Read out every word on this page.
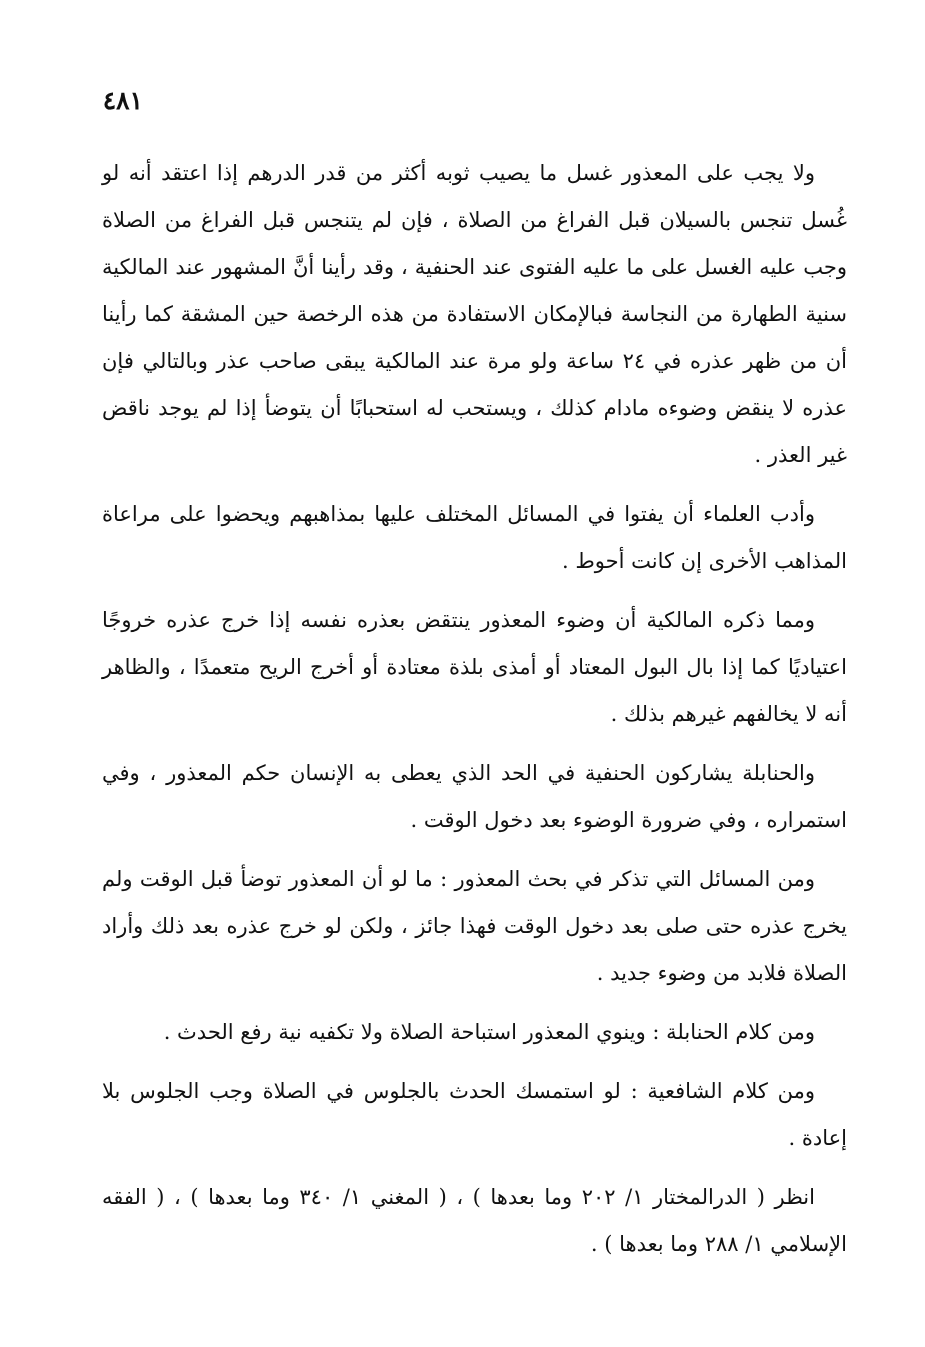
٤٨١

ولا يجب على المعذور غسل ما يصيب ثوبه أكثر من قدر الدرهم إذا اعتقد أنه لو غُسل تنجس بالسيلان قبل الفراغ من الصلاة ، فإن لم يتنجس قبل الفراغ من الصلاة وجب عليه الغسل على ما عليه الفتوى عند الحنفية ، وقد رأينا أنَّ المشهور عند المالكية سنية الطهارة من النجاسة فبالإمكان الاستفادة من هذه الرخصة حين المشقة كما رأينا أن من ظهر عذره في ٢٤ ساعة ولو مرة عند المالكية يبقى صاحب عذر وبالتالي فإن عذره لا ينقض وضوءه مادام كذلك ، ويستحب له استحبابًا أن يتوضأ إذا لم يوجد ناقض غير العذر .

وأدب العلماء أن يفتوا في المسائل المختلف عليها بمذاهبهم ويحضوا على مراعاة المذاهب الأخرى إن كانت أحوط .

ومما ذكره المالكية أن وضوء المعذور ينتقض بعذره نفسه إذا خرج عذره خروجًا اعتياديًا كما إذا بال البول المعتاد أو أمذى بلذة معتادة أو أخرج الريح متعمدًا ، والظاهر أنه لا يخالفهم غيرهم بذلك .

والحنابلة يشاركون الحنفية في الحد الذي يعطى به الإنسان حكم المعذور ، وفي استمراره ، وفي ضرورة الوضوء بعد دخول الوقت .

ومن المسائل التي تذكر في بحث المعذور : ما لو أن المعذور توضأ قبل الوقت ولم يخرج عذره حتى صلى بعد دخول الوقت فهذا جائز ، ولكن لو خرج عذره بعد ذلك وأراد الصلاة فلابد من وضوء جديد .

ومن كلام الحنابلة : وينوي المعذور استباحة الصلاة ولا تكفيه نية رفع الحدث .

ومن كلام الشافعية : لو استمسك الحدث بالجلوس في الصلاة وجب الجلوس بلا إعادة .

انظر ( الدرالمختار ١/ ٢٠٢ وما بعدها ) ، ( المغني ١/ ٣٤٠ وما بعدها ) ، ( الفقه الإسلامي ١/ ٢٨٨ وما بعدها ) .
